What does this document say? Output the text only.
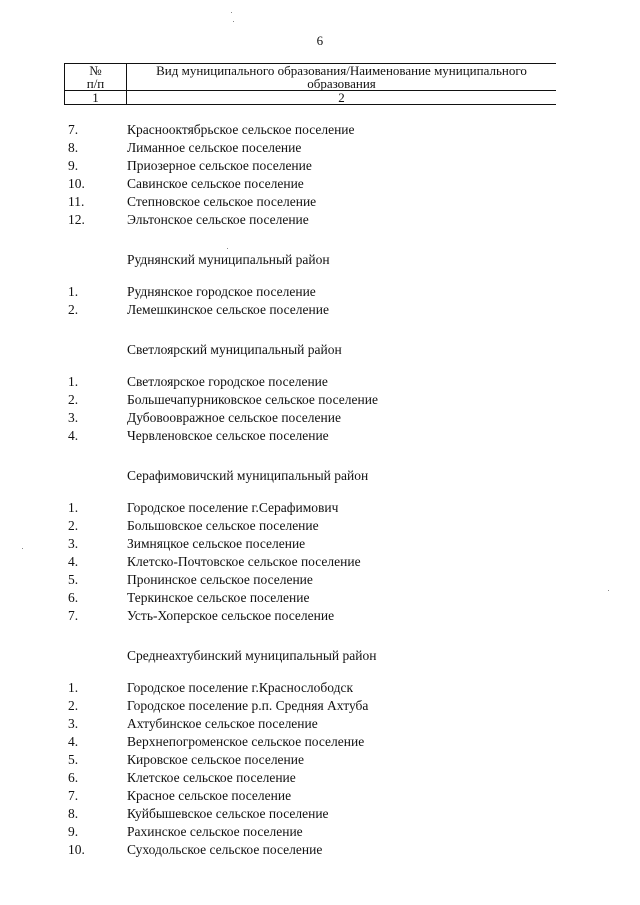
6
№
п/п	Вид муниципального образования/Наименование муниципального образования
1	2
7.	Краснооктябрьское сельское поселение
8.	Лиманное сельское поселение
9.	Приозерное сельское поселение
10.	Савинское сельское поселение
11.	Степновское сельское поселение
12.	Эльтонское сельское поселение
Руднянский муниципальный район
1.	Руднянское городское поселение
2.	Лемешкинское сельское поселение
Светлоярский муниципальный район
1.	Светлоярское городское поселение
2.	Большечапурниковское сельское поселение
3.	Дубовоовражное сельское поселение
4.	Червленовское сельское поселение
Серафимовичский муниципальный район
1.	Городское поселение г.Серафимович
2.	Большовское сельское поселение
3.	Зимняцкое сельское поселение
4.	Клетско-Почтовское сельское поселение
5.	Пронинское сельское поселение
6.	Теркинское сельское поселение
7.	Усть-Хоперское сельское поселение
Среднеахтубинский муниципальный район
1.	Городское поселение г.Краснослободск
2.	Городское поселение р.п. Средняя Ахтуба
3.	Ахтубинское сельское поселение
4.	Верхнепогроменское сельское поселение
5.	Кировское сельское поселение
6.	Клетское сельское поселение
7.	Красное сельское поселение
8.	Куйбышевское сельское поселение
9.	Рахинское сельское поселение
10.	Суходольское сельское поселение
